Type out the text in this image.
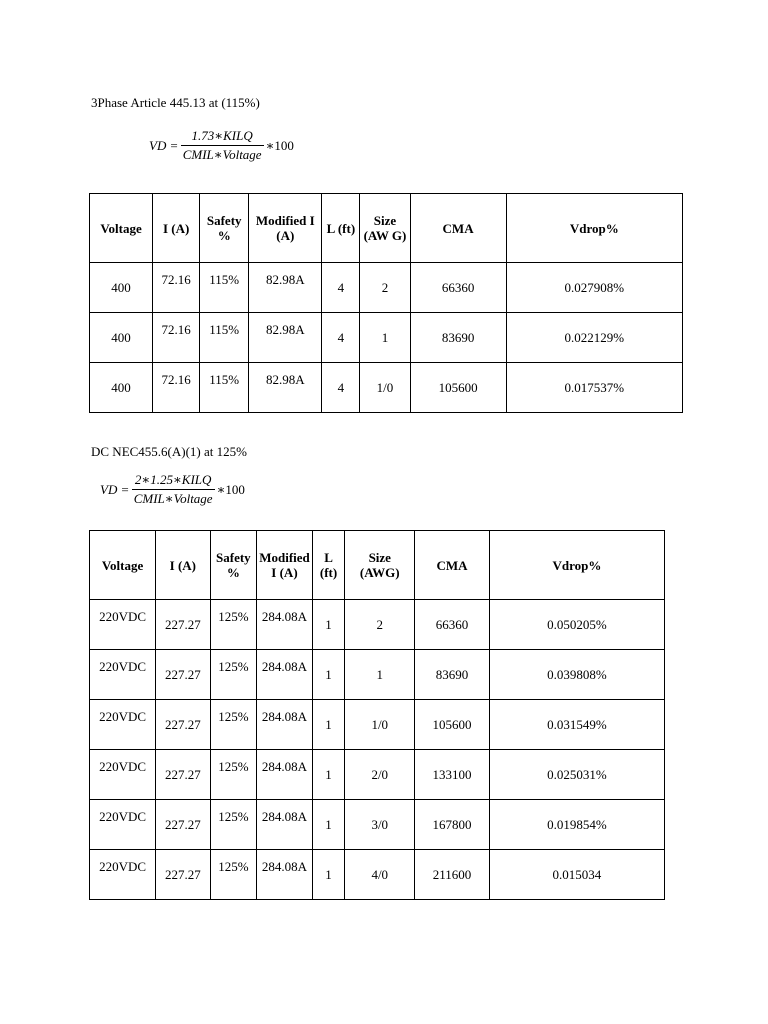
3Phase Article 445.13 at (115%)
VD = $\frac{\text{1.73∗KILQ}}{\text{CMIL∗Voltage}}$ ∗100
Voltage	I (A)	Safety %	Modified I (A)	L (ft)	Size (AW G)	CMA	Vdrop%
400	72.16	115%	82.98A	4	2	66360	0.027908%
400	72.16	115%	82.98A	4	1	83690	0.022129%
400	72.16	115%	82.98A	4	1/0	105600	0.017537%
DC NEC455.6(A)(1) at 125%
VD = $\frac{\text{2∗1.25∗KILQ}}{\text{CMIL∗Voltage}}$ ∗100
Voltage	I (A)	Safety %	Modified I (A)	L (ft)	Size (AWG)	CMA	Vdrop%
220VDC	227.27	125%	284.08A	1	2	66360	0.050205%
220VDC	227.27	125%	284.08A	1	1	83690	0.039808%
220VDC	227.27	125%	284.08A	1	1/0	105600	0.031549%
220VDC	227.27	125%	284.08A	1	2/0	133100	0.025031%
220VDC	227.27	125%	284.08A	1	3/0	167800	0.019854%
220VDC	227.27	125%	284.08A	1	4/0	211600	0.015034
